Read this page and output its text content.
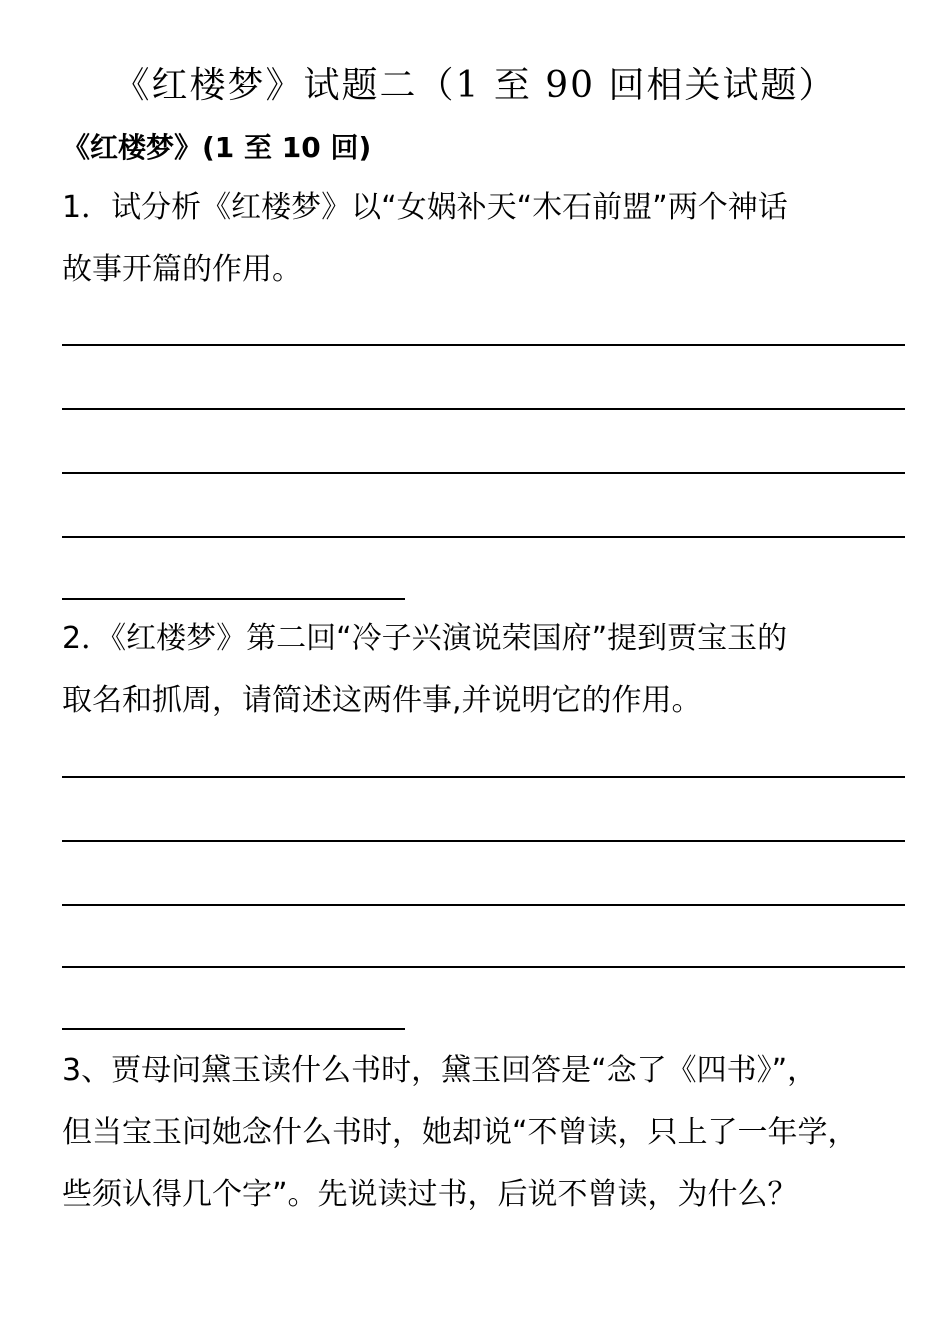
《红楼梦》试题二（1 至 90 回相关试题）
《红楼梦》(1 至 10 回)
1．试分析《红楼梦》以“女娲补天“木石前盟”两个神话
故事开篇的作用。
2．《红楼梦》第二回“冷子兴演说荣国府”提到贾宝玉的
取名和抓周，请简述这两件事,并说明它的作用。
3、贾母问黛玉读什么书时，黛玉回答是“念了《四书》”，
但当宝玉问她念什么书时，她却说“不曾读，只上了一年学，
些须认得几个字”。先说读过书，后说不曾读，为什么？
